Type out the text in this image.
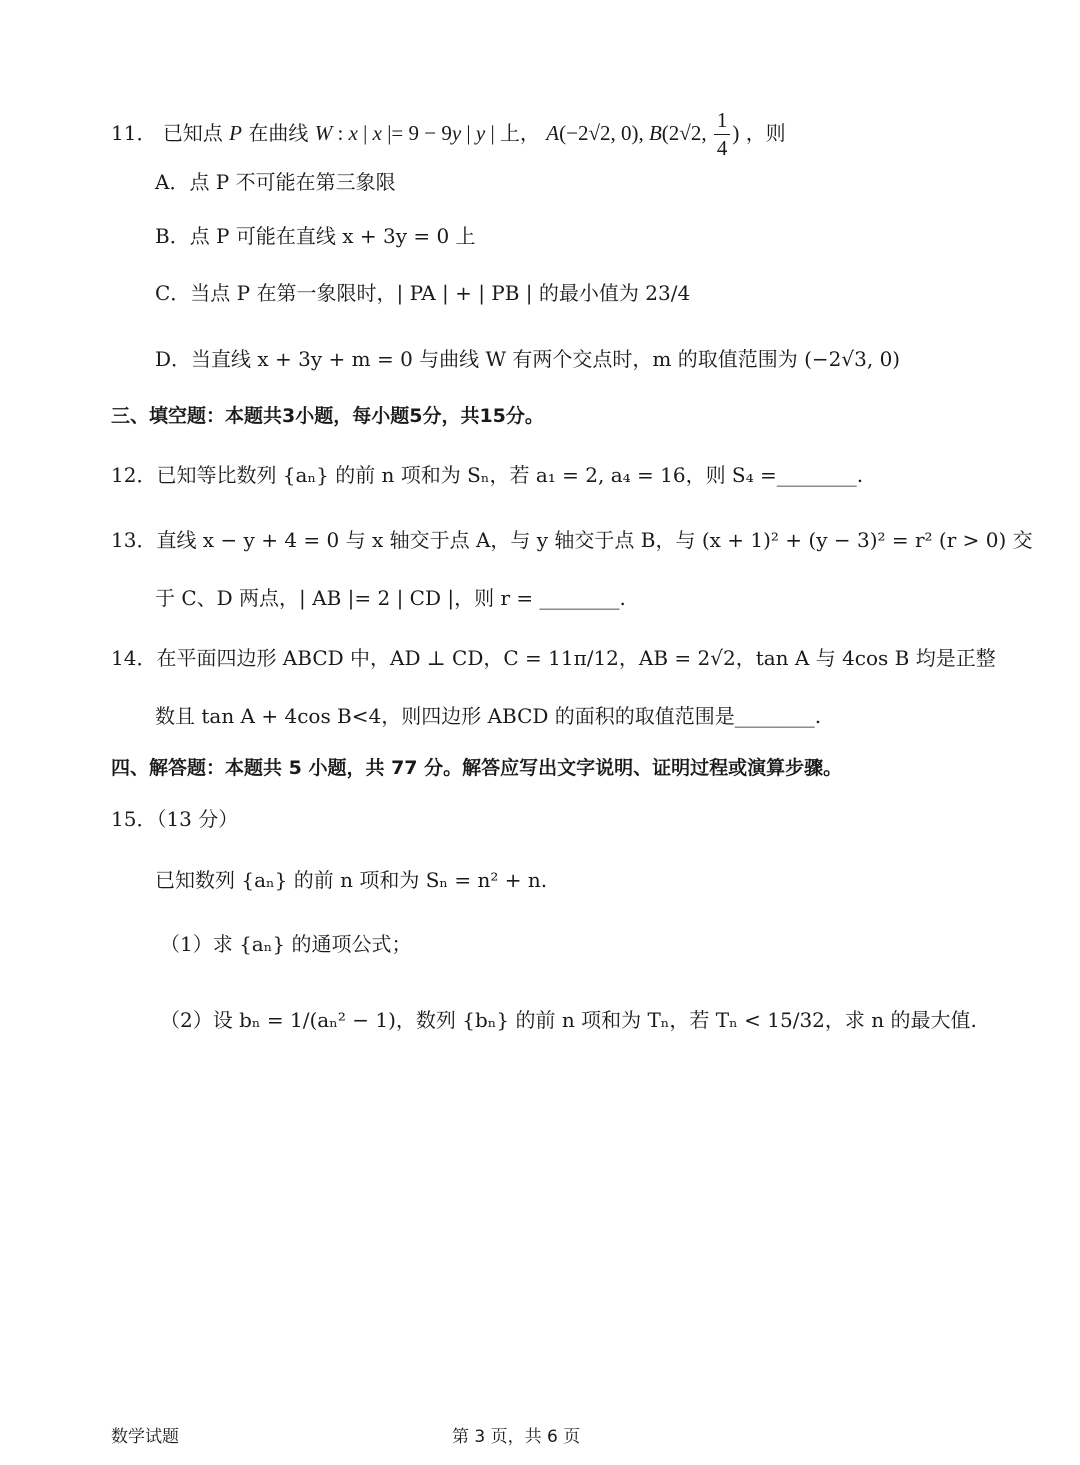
11． 已知点 P 在曲线 W : x | x |= 9 − 9y | y | 上， A(−2√2, 0), B(2√2, $\frac{1}{4}$ ) ，则
A．点 P 不可能在第三象限
B．点 P 可能在直线 x + 3y = 0 上
C．当点 P 在第一象限时，| PA | + | PB | 的最小值为 23/4
D．当直线 x + 3y + m = 0 与曲线 W 有两个交点时，m 的取值范围为 (−2√3, 0)
三、填空题：本题共3小题，每小题5分，共15分。
12．已知等比数列 {aₙ} 的前 n 项和为 Sₙ，若 a₁ = 2, a₄ = 16，则 S₄ =________.
13．直线 x − y + 4 = 0 与 x 轴交于点 A，与 y 轴交于点 B，与 (x + 1)² + (y − 3)² = r² (r > 0) 交
于 C、D 两点，| AB |= 2 | CD |，则 r = ________.
14．在平面四边形 ABCD 中，AD ⊥ CD，C = 11π/12，AB = 2√2，tan A 与 4cos B 均是正整
数且 tan A + 4cos B<4，则四边形 ABCD 的面积的取值范围是________.
四、解答题：本题共 5 小题，共 77 分。解答应写出文字说明、证明过程或演算步骤。
15．（13 分）
已知数列 {aₙ} 的前 n 项和为 Sₙ = n² + n.
（1）求 {aₙ} 的通项公式；
（2）设 bₙ = 1/(aₙ² − 1)，数列 {bₙ} 的前 n 项和为 Tₙ，若 Tₙ < 15/32，求 n 的最大值.
数学试题	第 3 页，共 6 页
